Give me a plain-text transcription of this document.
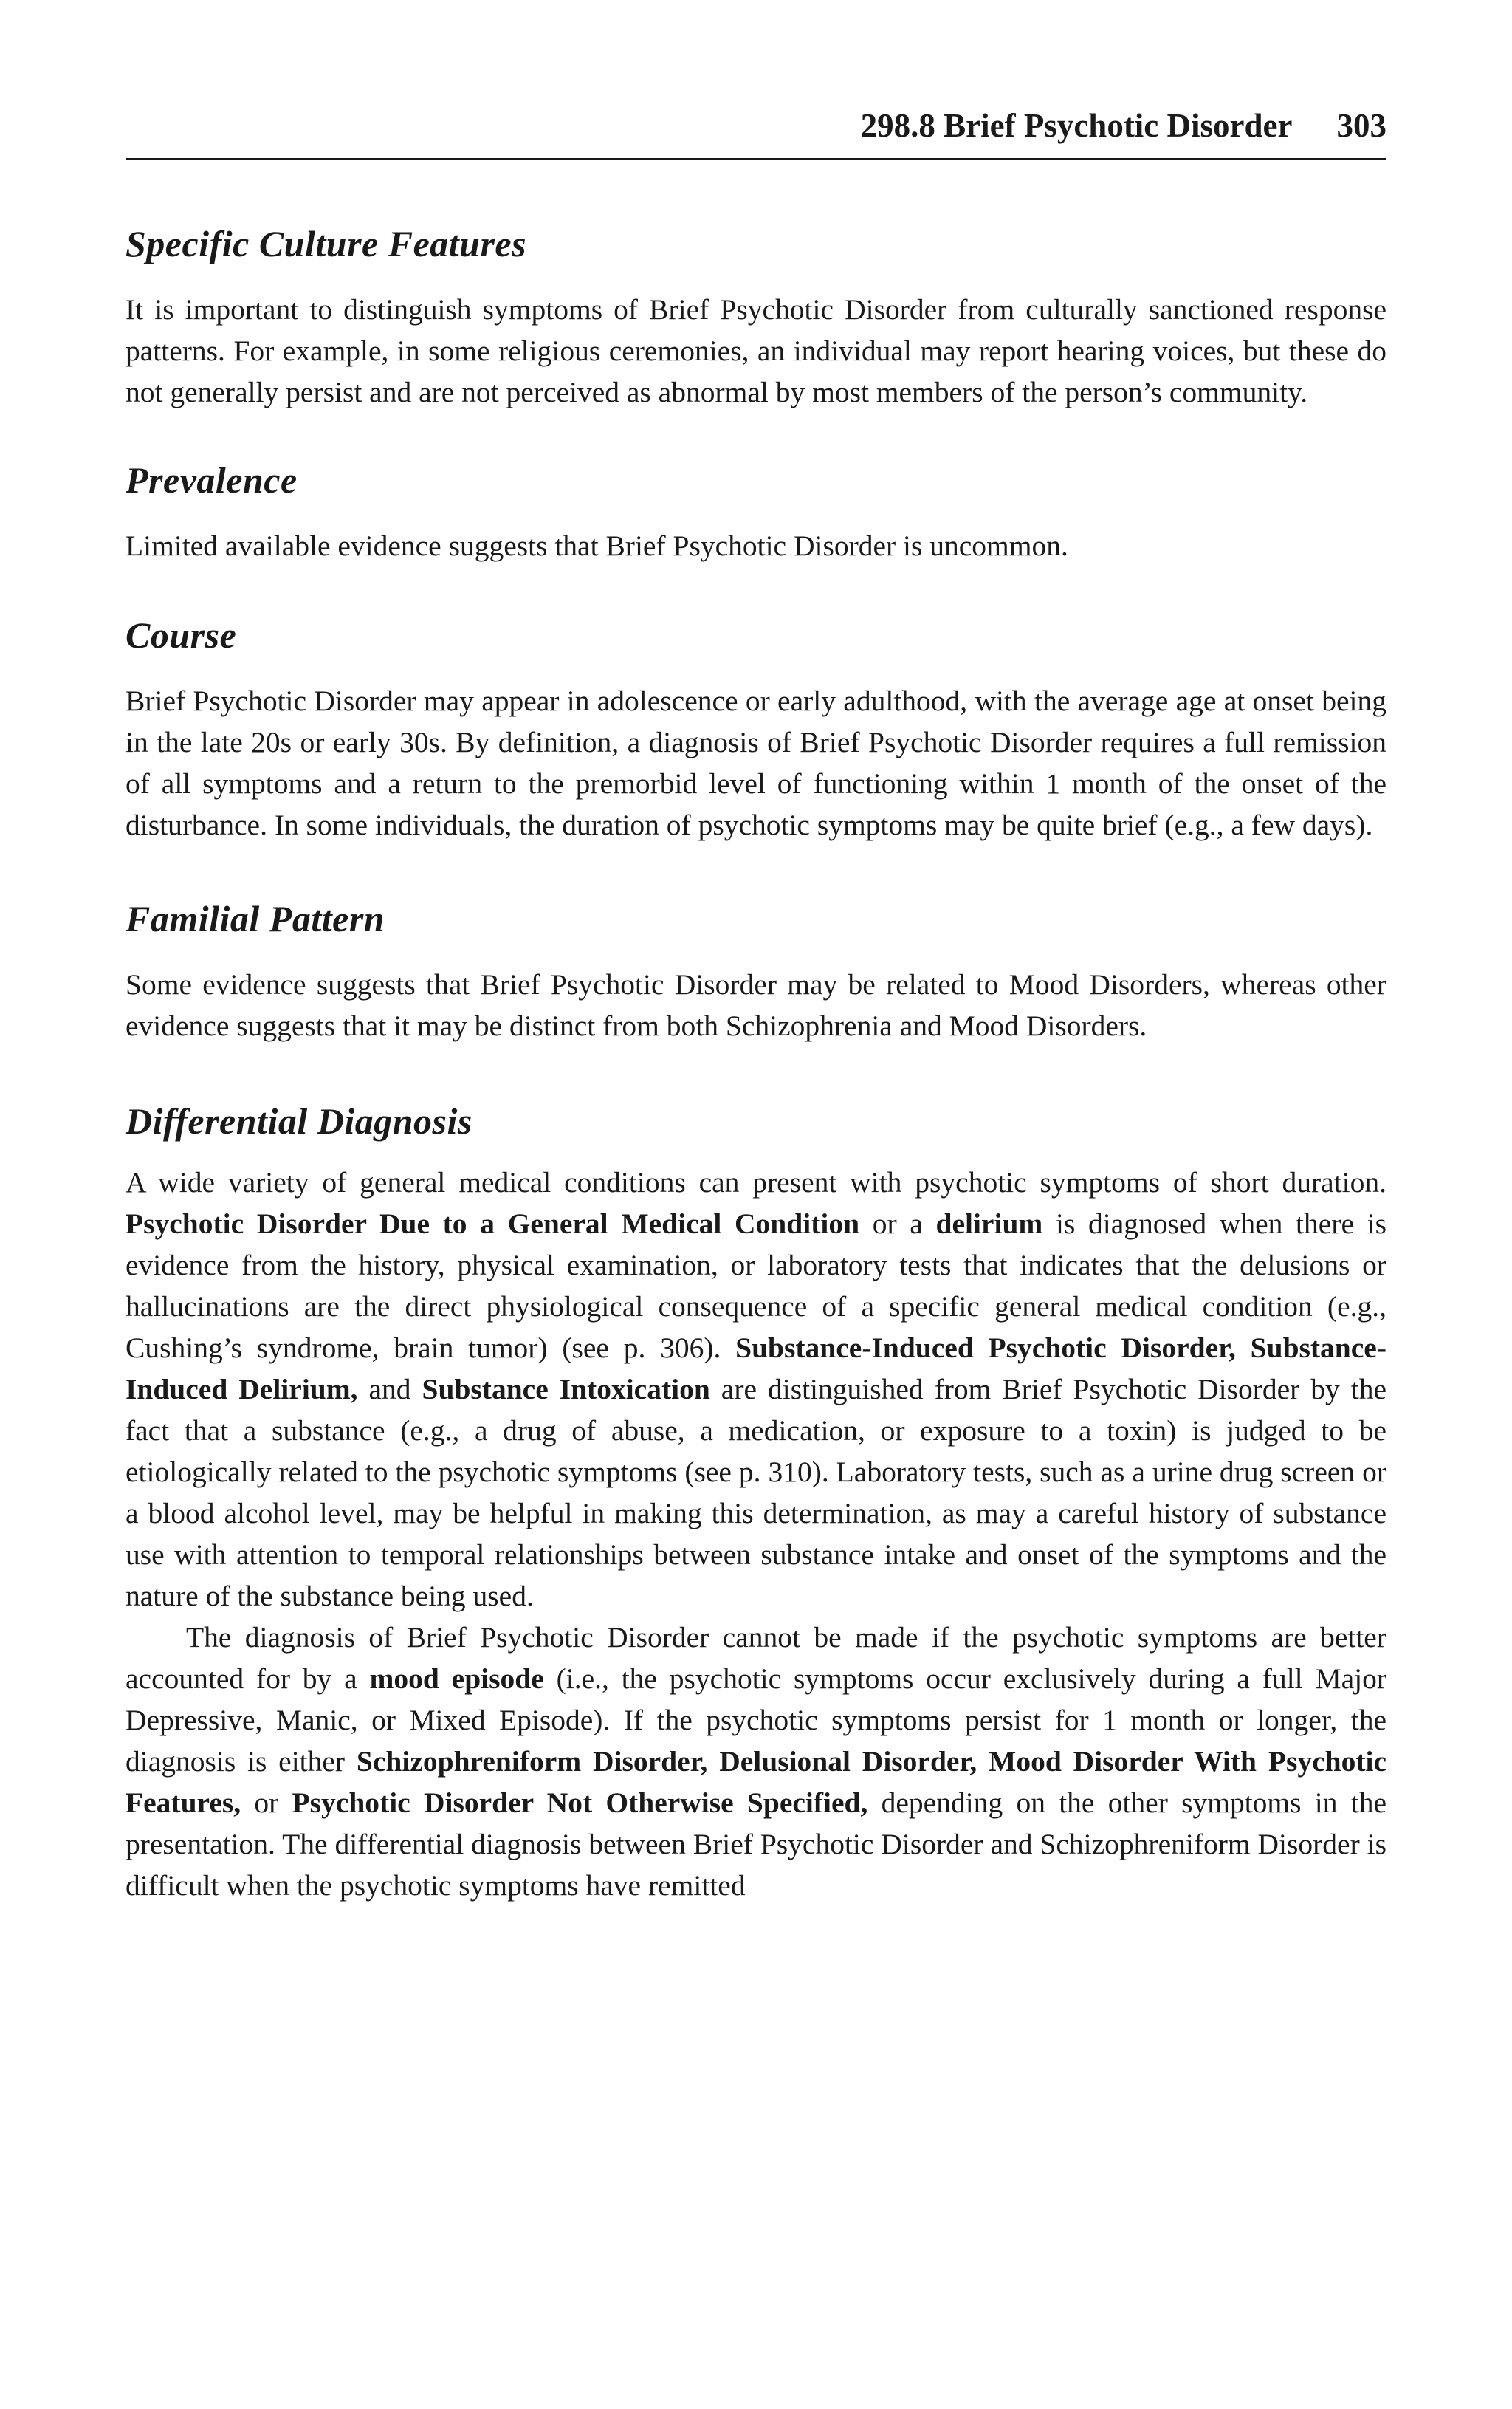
298.8 Brief Psychotic Disorder 303
Specific Culture Features

It is important to distinguish symptoms of Brief Psychotic Disorder from culturally sanctioned response patterns. For example, in some religious ceremonies, an individual may report hearing voices, but these do not generally persist and are not perceived as abnormal by most members of the person’s community.

Prevalence

Limited available evidence suggests that Brief Psychotic Disorder is uncommon.

Course

Brief Psychotic Disorder may appear in adolescence or early adulthood, with the average age at onset being in the late 20s or early 30s. By definition, a diagnosis of Brief Psychotic Disorder requires a full remission of all symptoms and a return to the premorbid level of functioning within 1 month of the onset of the disturbance. In some individuals, the duration of psychotic symptoms may be quite brief (e.g., a few days).

Familial Pattern

Some evidence suggests that Brief Psychotic Disorder may be related to Mood Disorders, whereas other evidence suggests that it may be distinct from both Schizophrenia and Mood Disorders.

Differential Diagnosis

A wide variety of general medical conditions can present with psychotic symptoms of short duration. Psychotic Disorder Due to a General Medical Condition or a delirium is diagnosed when there is evidence from the history, physical examination, or laboratory tests that indicates that the delusions or hallucinations are the direct physiological consequence of a specific general medical condition (e.g., Cushing’s syndrome, brain tumor) (see p. 306). Substance-Induced Psychotic Disorder, Substance-Induced Delirium, and Substance Intoxication are distinguished from Brief Psychotic Disorder by the fact that a substance (e.g., a drug of abuse, a medication, or exposure to a toxin) is judged to be etiologically related to the psychotic symptoms (see p. 310). Laboratory tests, such as a urine drug screen or a blood alcohol level, may be helpful in making this determination, as may a careful history of substance use with attention to temporal relationships between substance intake and onset of the symptoms and the nature of the substance being used.

The diagnosis of Brief Psychotic Disorder cannot be made if the psychotic symptoms are better accounted for by a mood episode (i.e., the psychotic symptoms occur exclusively during a full Major Depressive, Manic, or Mixed Episode). If the psychotic symptoms persist for 1 month or longer, the diagnosis is either Schizophreniform Disorder, Delusional Disorder, Mood Disorder With Psychotic Features, or Psychotic Disorder Not Otherwise Specified, depending on the other symptoms in the presentation. The differential diagnosis between Brief Psychotic Disorder and Schizophreniform Disorder is difficult when the psychotic symptoms have remitted
